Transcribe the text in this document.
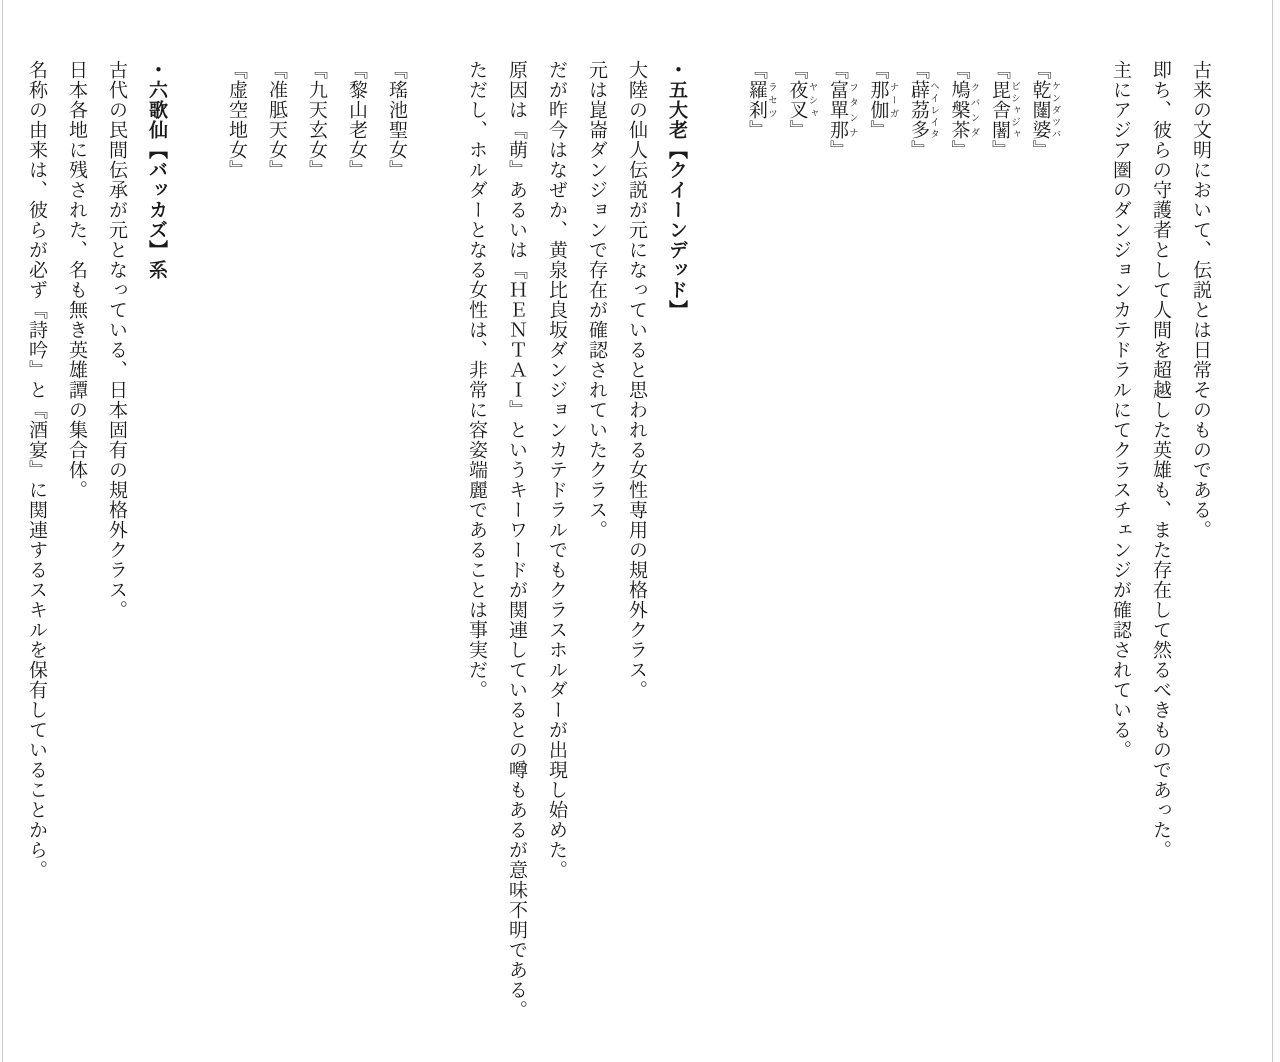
古来の文明において、伝説とは日常そのものである。

即ち、彼らの守護者として人間を超越した英雄も、また存在して然るべきものであった。

主にアジア圏のダンジョンカテドラルにてクラスチェンジが確認されている。

『乾闥婆 ケンダツバ』

『毘舎闍 ビシャジャ』

『鳩槃茶 クバンダ』

『薜茘多 ヘイレイタ』

『那伽 ナーガ』

『富單那 フタンナ』

『夜叉 ヤシャ』

『羅刹 ラセツ』

・五大老【クイーンデッド】

大陸の仙人伝説が元になっていると思われる女性専用の規格外クラス。

元は崑崙ダンジョンで存在が確認されていたクラス。

だが昨今はなぜか、黄泉比良坂ダンジョンカテドラルでもクラスホルダーが出現し始めた。

原因は『萌』あるいは『ＨＥＮＴＡＩ』というキーワードが関連しているとの噂もあるが意味不明である。

ただし、ホルダーとなる女性は、非常に容姿端麗であることは事実だ。

『瑤池聖女』

『黎山老女』

『九天玄女』

『准胝天女』

『虚空地女』

・六歌仙【バッカズ】系

古代の民間伝承が元となっている、日本固有の規格外クラス。

日本各地に残された、名も無き英雄譚の集合体。

名称の由来は、彼らが必ず『詩吟』と『酒宴』に関連するスキルを保有していることから。
